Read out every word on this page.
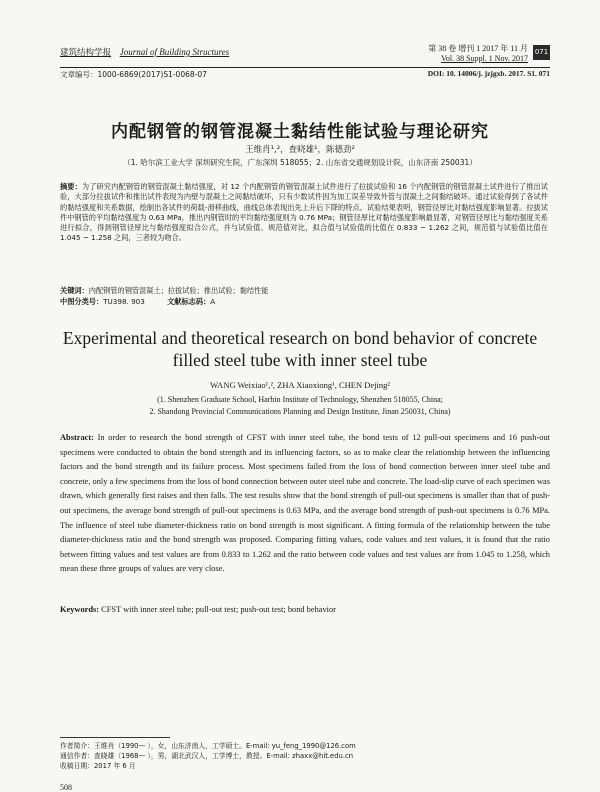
建筑结构学报 Journal of Building Structures	第 38 卷 增刊 1 2017 年 11 月
Vol. 38 Suppl. 1 Nov. 2017
071
文章编号：1000-6869(2017)S1-0068-07	DOI: 10. 14006/j. jzjgxb. 2017. S1. 071
内配钢管的钢管混凝土黏结性能试验与理论研究
王维肖¹,²，査晓雄¹，陈德劲²
（1. 哈尔滨工业大学 深圳研究生院，广东深圳 518055；2. 山东省交通规划设计院，山东济南 250031）
摘要：为了研究内配钢管的钢管混凝土黏结强度，对 12 个内配钢管的钢管混凝土试件进行了拉拔试验和 16 个内配钢管的钢管混凝土试件进行了推出试验，大部分拉拔试件和推出试件表现为内壁与混凝土之间黏结破坏，只有少数试件因为加工误差导致外管与混凝土之间黏结破坏。通过试验得到了各试件的黏结强度和关系数据，绘制出各试件的荷载-滑移曲线，曲线总体表现出先上升后下降的特点。试验结果表明，钢管径厚比对黏结强度影响显著。拉拔试件中钢管的平均黏结强度为 0.63 MPa，推出内钢管时的平均黏结强度则为 0.76 MPa；钢管径厚比对黏结强度影响最显著，对钢管径厚比与黏结强度关系进行拟合，得到钢管径厚比与黏结强度拟合公式，并与试验值、规范值对比，拟合值与试验值的比值在 0.833 ~ 1.262 之间，规范值与试验值比值在 1.045 ~ 1.258 之间，三者较为吻合。
关键词：内配钢管的钢管混凝土；拉拔试验；推出试验；黏结性能
中图分类号：TU398. 903	文献标志码：A
Experimental and theoretical research on bond behavior of concrete
filled steel tube with inner steel tube
WANG Weixiao¹,², ZHA Xiaoxiong¹, CHEN Dejing²
(1. Shenzhen Graduate School, Harbin Institute of Technology, Shenzhen 518055, China;
2. Shandong Provincial Communications Planning and Design Institute, Jinan 250031, China)
Abstract: In order to research the bond strength of CFST with inner steel tube, the bond tests of 12 pull-out specimens and 16 push-out specimens were conducted to obtain the bond strength and its influencing factors, so as to make clear the relationship between the influencing factors and the bond strength and its failure process. Most specimens failed from the loss of bond connection between inner steel tube and concrete, only a few specimens from the loss of bond connection between outer steel tube and concrete. The load-slip curve of each specimen was drawn, which generally first raises and then falls. The test results show that the bond strength of pull-out specimens is smaller than that of push-out specimens, the average bond strength of pull-out specimens is 0.63 MPa, and the average bond strength of push-out specimens is 0.76 MPa. The influence of steel tube diameter-thickness ratio on bond strength is most significant. A fitting formula of the relationship between the tube diameter-thickness ratio and the bond strength was proposed. Comparing fitting values, code values and test values, it is found that the ratio between fitting values and test values are from 0.833 to 1.262 and the ratio between code values and test values are from 1.045 to 1.258, which mean these three groups of values are very close.
Keywords: CFST with inner steel tube; pull-out test; push-out test; bond behavior
作者简介：王维肖（1990— ），女，山东济南人，工学硕士。E-mail: yu_feng_1990@126.com
通信作者：査晓雄（1968— ），男，湖北武汉人，工学博士，教授。E-mail: zhaxx@hit.edu.cn
收稿日期：2017 年 6 月
508
